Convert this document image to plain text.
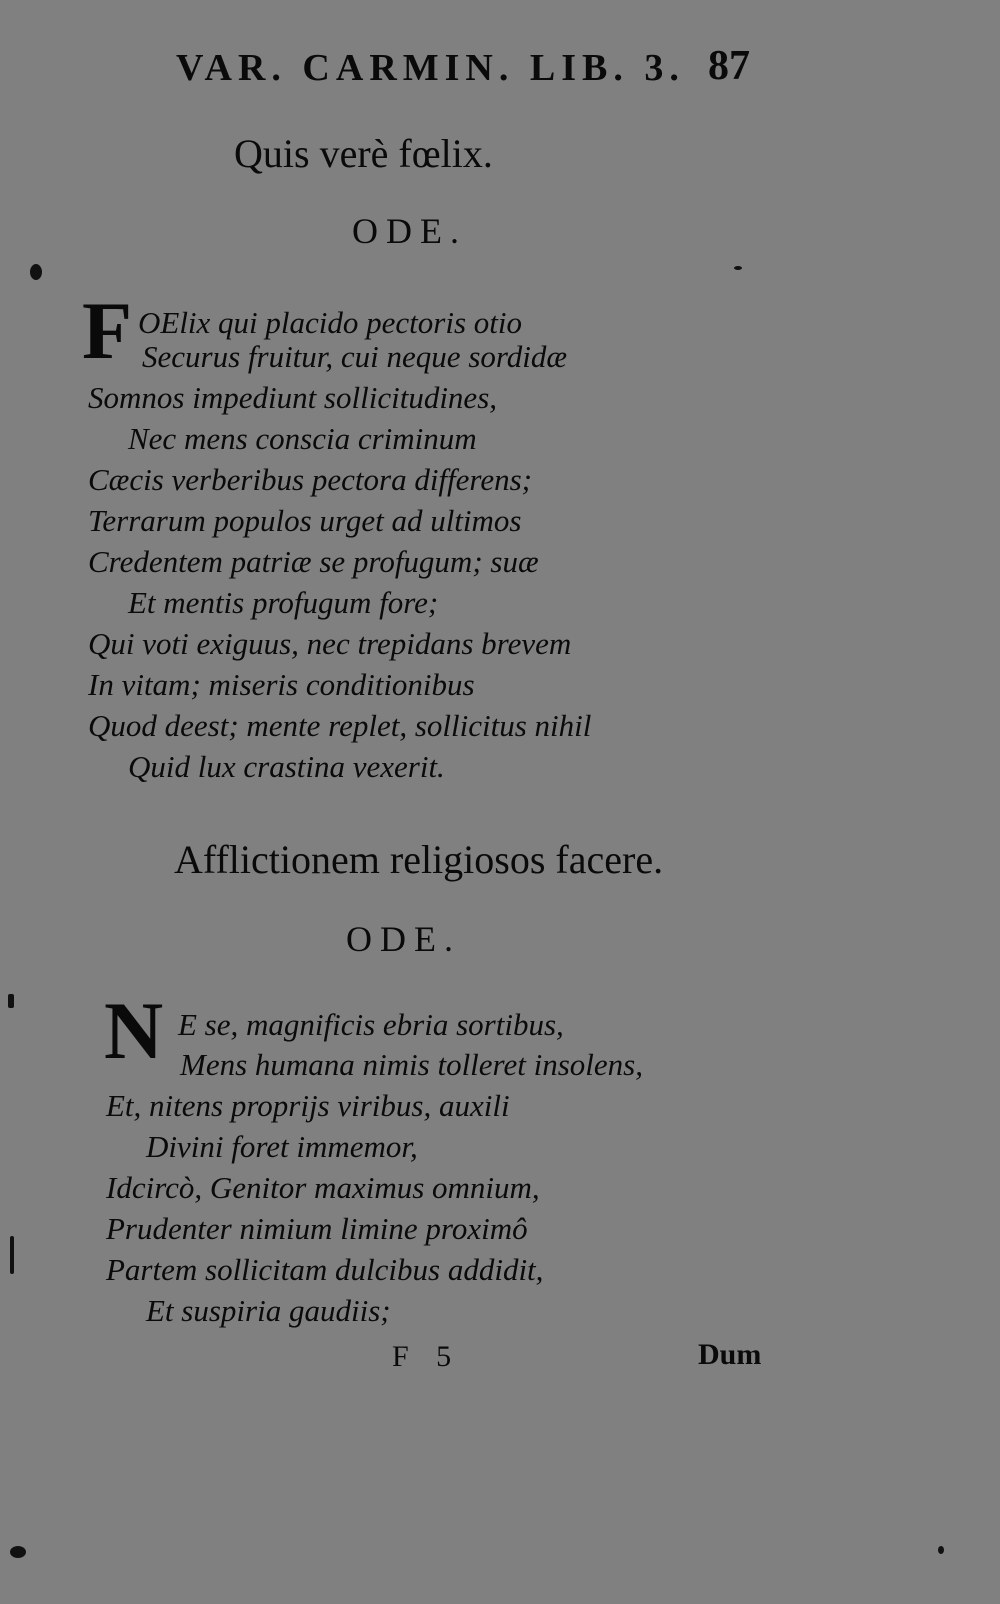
VAR. CARMIN. LIB. 3. 87
Quis verè fœlix.
ODE.
F OElix qui placido pectoris otio
Securus fruitur, cui neque sordidæ
Somnos impediunt sollicitudines,
Nec mens conscia criminum
Cæcis verberibus pectora differens;
Terrarum populos urget ad ultimos
Credentem patriæ se profugum; suæ
Et mentis profugum fore;
Qui voti exiguus, nec trepidans brevem
In vitam; miseris conditionibus
Quod deest; mente replet, sollicitus nihil
Quid lux crastina vexerit.
Afflictionem religiosos facere.
ODE.
N E se, magnificis ebria sortibus,
Mens humana nimis tolleret insolens,
Et, nitens proprijs viribus, auxili
Divini foret immemor,
Idcircò, Genitor maximus omnium,
Prudenter nimium limine proximô
Partem sollicitam dulcibus addidit,
Et suspiria gaudiis;
F 5	Dum
